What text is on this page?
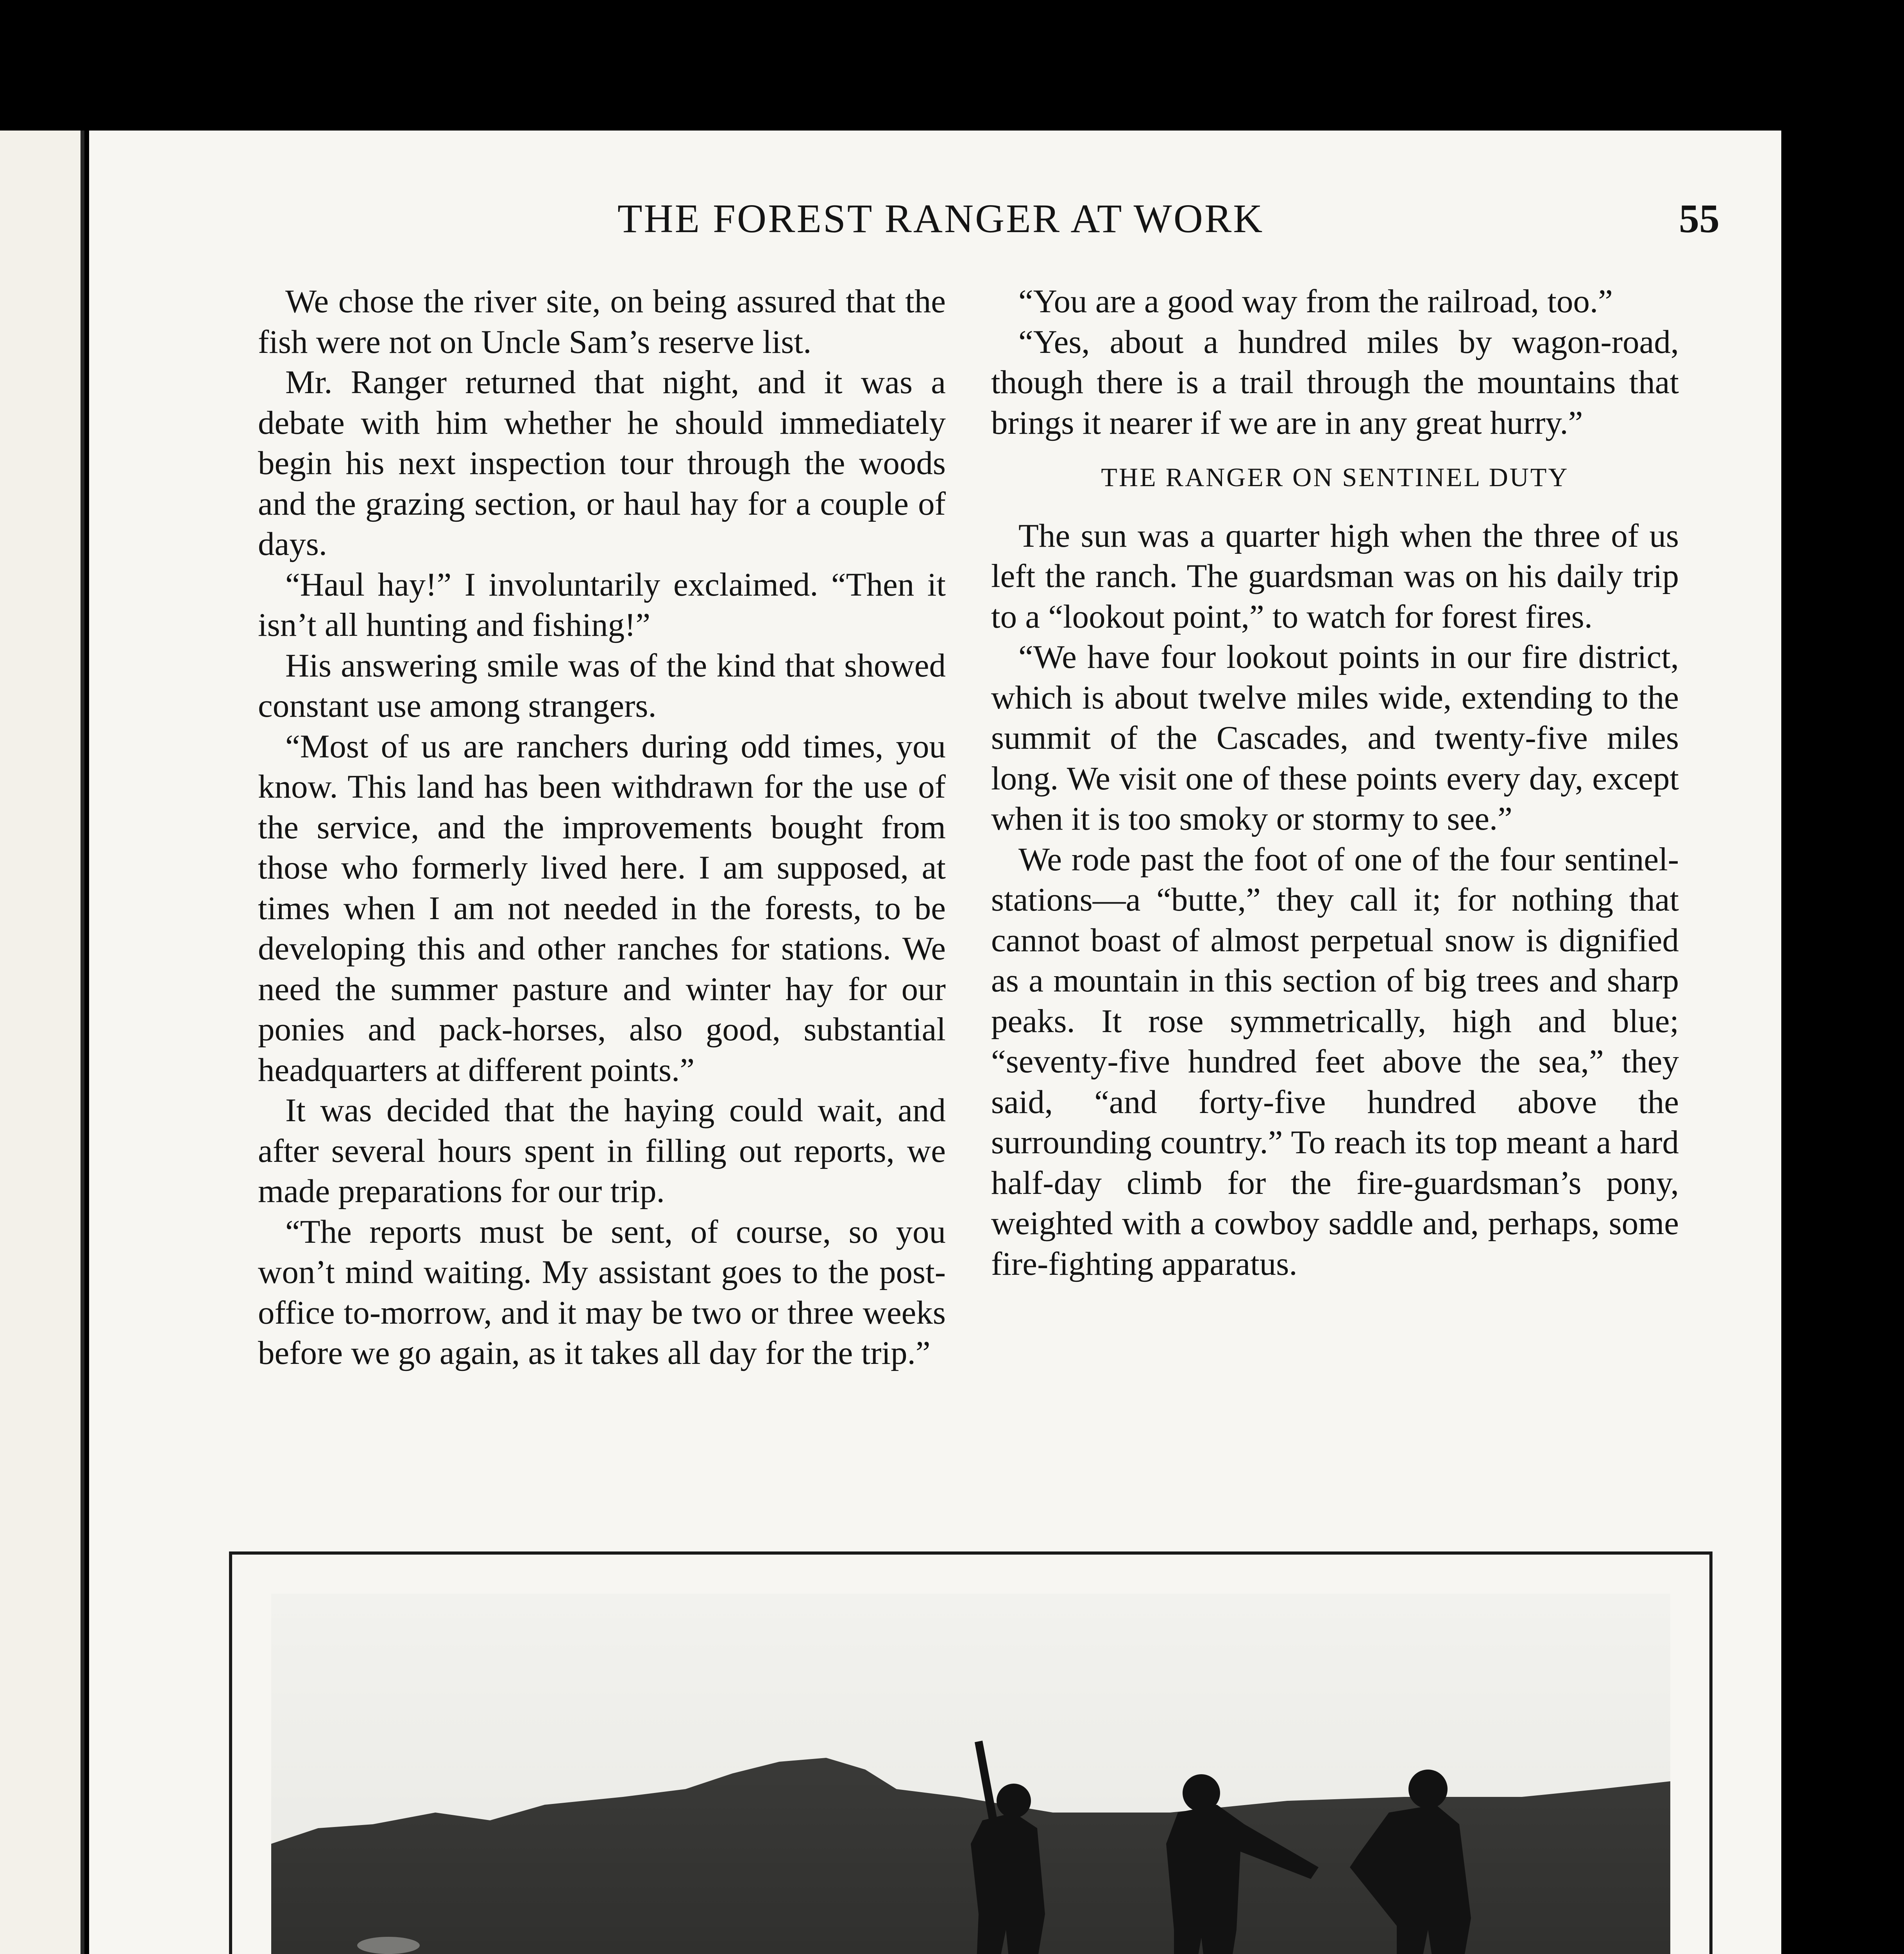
THE FOREST RANGER AT WORK	55

We chose the river site, on being assured that the fish were not on Uncle Sam’s reserve list.

Mr. Ranger returned that night, and it was a debate with him whether he should immediately begin his next inspection tour through the woods and the grazing section, or haul hay for a couple of days.

“Haul hay!” I involuntarily exclaimed. “Then it isn’t all hunting and fishing!”

His answering smile was of the kind that showed constant use among strangers.

“Most of us are ranchers during odd times, you know. This land has been withdrawn for the use of the service, and the improvements bought from those who formerly lived here. I am supposed, at times when I am not needed in the forests, to be developing this and other ranches for stations. We need the summer pasture and winter hay for our ponies and pack-horses, also good, substantial headquarters at different points.”

It was decided that the haying could wait, and after several hours spent in filling out reports, we made preparations for our trip.

“The reports must be sent, of course, so you won’t mind waiting. My assistant goes to the post-office to-morrow, and it may be two or three weeks before we go again, as it takes all day for the trip.”

“You are a good way from the railroad, too.”

“Yes, about a hundred miles by wagon-road, though there is a trail through the mountains that brings it nearer if we are in any great hurry.”

THE RANGER ON SENTINEL DUTY

The sun was a quarter high when the three of us left the ranch. The guardsman was on his daily trip to a “lookout point,” to watch for forest fires.

“We have four lookout points in our fire district, which is about twelve miles wide, extending to the summit of the Cascades, and twenty-five miles long. We visit one of these points every day, except when it is too smoky or stormy to see.”

We rode past the foot of one of the four sentinel-stations—a “butte,” they call it; for nothing that cannot boast of almost perpetual snow is dignified as a mountain in this section of big trees and sharp peaks. It rose symmetrically, high and blue; “seventy-five hundred feet above the sea,” they said, “and forty-five hundred above the surrounding country.” To reach its top meant a hard half-day climb for the fire-guardsman’s pony, weighted with a cowboy saddle and, perhaps, some fire-fighting apparatus.
